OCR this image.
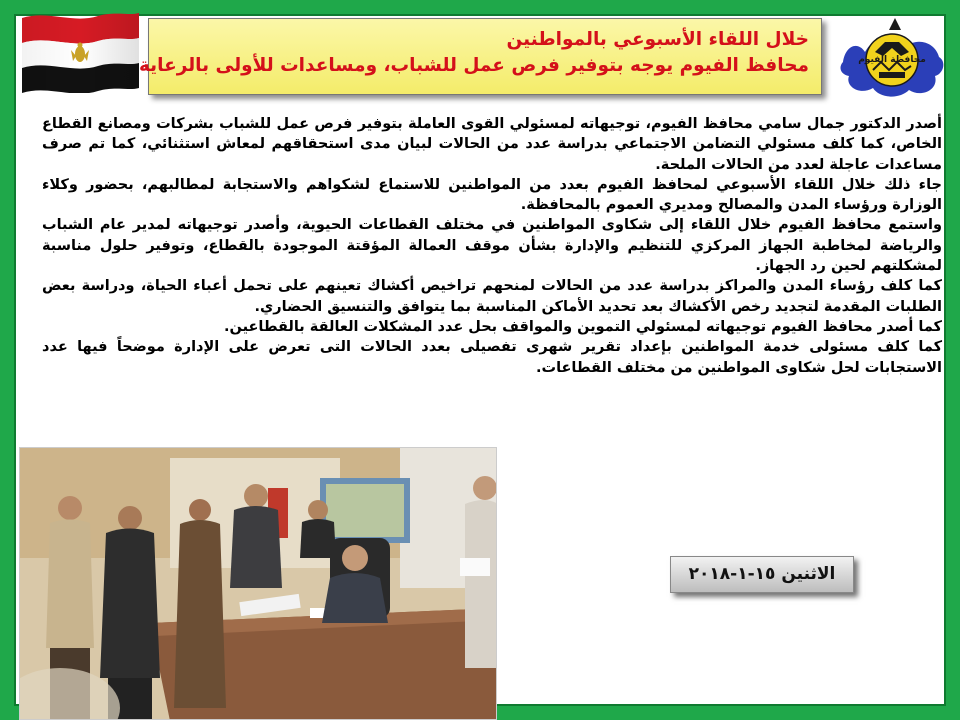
محافظة الفيوم
خلال اللقاء الأسبوعي بالمواطنين
محافظ الفيوم يوجه بتوفير فرص عمل للشباب، ومساعدات للأولى بالرعاية

أصدر الدكتور جمال سامي محافظ الفيوم، توجيهاته لمسئولي القوى العاملة بتوفير فرص عمل للشباب بشركات ومصانع القطاع الخاص، كما كلف مسئولي التضامن الاجتماعي بدراسة عدد من الحالات لبيان مدى استحقاقهم لمعاش استثنائي، كما تم صرف مساعدات عاجلة لعدد من الحالات الملحة.

جاء ذلك خلال اللقاء الأسبوعي لمحافظ الفيوم بعدد من المواطنين للاستماع لشكواهم والاستجابة لمطالبهم، بحضور وكلاء الوزارة ورؤساء المدن والمصالح ومديري العموم بالمحافظة.

واستمع محافظ الفيوم خلال اللقاء إلى شكاوى المواطنين في مختلف القطاعات الحيوية، وأصدر توجيهاته لمدير عام الشباب والرياضة لمخاطبة الجهاز المركزي للتنظيم والإدارة بشأن موقف العمالة المؤقتة الموجودة بالقطاع، وتوفير حلول مناسبة لمشكلتهم لحين رد الجهاز.

كما كلف رؤساء المدن والمراكز بدراسة عدد من الحالات لمنحهم تراخيص أكشاك تعينهم على تحمل أعباء الحياة، ودراسة بعض الطلبات المقدمة لتجديد رخص الأكشاك بعد تحديد الأماكن المناسبة بما يتوافق والتنسيق الحضاري.

كما أصدر محافظ الفيوم توجيهاته لمسئولي التموين والمواقف بحل عدد المشكلات العالقة بالقطاعين.

كما كلف مسئولى خدمة المواطنين بإعداد تقرير شهرى تفصيلى بعدد الحالات التى تعرض على الإدارة موضحاً فيها عدد الاستجابات لحل شكاوى المواطنين من مختلف القطاعات.

الاثنين ١٥-١-٢٠١٨
